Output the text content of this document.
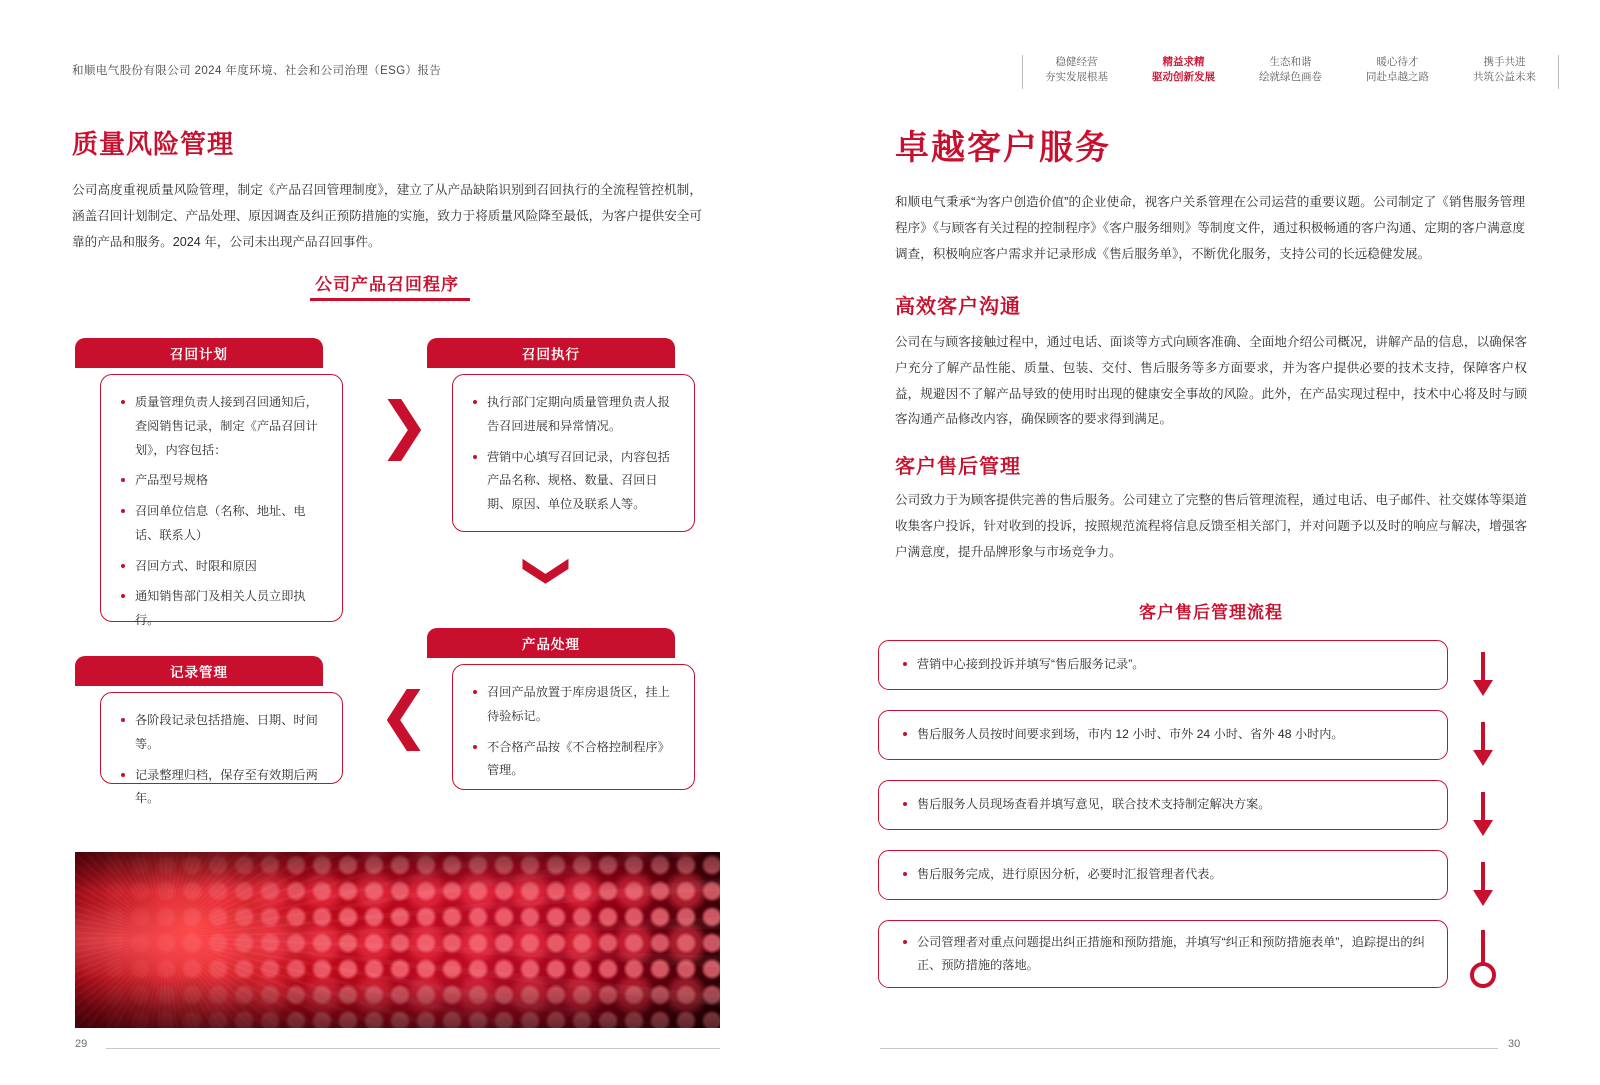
和顺电气股份有限公司 2024 年度环境、社会和公司治理（ESG）报告
稳健经营
夯实发展根基
精益求精
驱动创新发展
生态和谐
绘就绿色画卷
暖心待才
同赴卓越之路
携手共进
共筑公益未来
质量风险管理
公司高度重视质量风险管理，制定《产品召回管理制度》，建立了从产品缺陷识别到召回执行的全流程管控机制，涵盖召回计划制定、产品处理、原因调查及纠正预防措施的实施，致力于将质量风险降至最低，为客户提供安全可靠的产品和服务。2024 年，公司未出现产品召回事件。
公司产品召回程序
召回计划
质量管理负责人接到召回通知后，查阅销售记录，制定《产品召回计划》，内容包括：
产品型号规格
召回单位信息（名称、地址、电话、联系人）
召回方式、时限和原因
通知销售部门及相关人员立即执行。
❯
召回执行
执行部门定期向质量管理负责人报告召回进展和异常情况。
营销中心填写召回记录，内容包括产品名称、规格、数量、召回日期、原因、单位及联系人等。
❯
产品处理
召回产品放置于库房退货区，挂上待验标记。
不合格产品按《不合格控制程序》管理。
❮
记录管理
各阶段记录包括措施、日期、时间等。
记录整理归档，保存至有效期后两年。
29
卓越客户服务
和顺电气秉承“为客户创造价值”的企业使命，视客户关系管理在公司运营的重要议题。公司制定了《销售服务管理程序》《与顾客有关过程的控制程序》《客户服务细则》等制度文件，通过积极畅通的客户沟通、定期的客户满意度调查，积极响应客户需求并记录形成《售后服务单》，不断优化服务，支持公司的长远稳健发展。
高效客户沟通
公司在与顾客接触过程中，通过电话、面谈等方式向顾客准确、全面地介绍公司概况，讲解产品的信息，以确保客户充分了解产品性能、质量、包装、交付、售后服务等多方面要求，并为客户提供必要的技术支持，保障客户权益，规避因不了解产品导致的使用时出现的健康安全事故的风险。此外，在产品实现过程中，技术中心将及时与顾客沟通产品修改内容，确保顾客的要求得到满足。
客户售后管理
公司致力于为顾客提供完善的售后服务。公司建立了完整的售后管理流程，通过电话、电子邮件、社交媒体等渠道收集客户投诉，针对收到的投诉，按照规范流程将信息反馈至相关部门，并对问题予以及时的响应与解决，增强客户满意度，提升品牌形象与市场竞争力。
客户售后管理流程
营销中心接到投诉并填写“售后服务记录”。
售后服务人员按时间要求到场，市内 12 小时、市外 24 小时、省外 48 小时内。
售后服务人员现场查看并填写意见，联合技术支持制定解决方案。
售后服务完成，进行原因分析，必要时汇报管理者代表。
公司管理者对重点问题提出纠正措施和预防措施，并填写“纠正和预防措施表单”，追踪提出的纠正、预防措施的落地。
30
